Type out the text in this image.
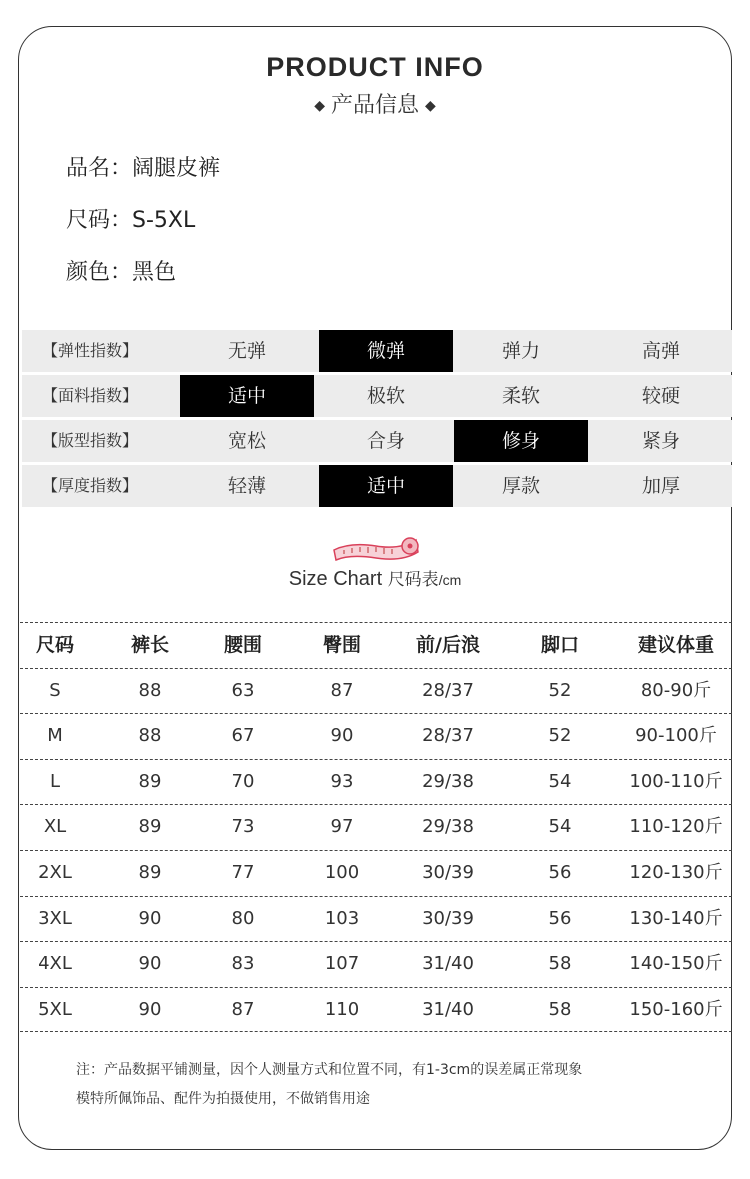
PRODUCT INFO
◆ 产品信息 ◆
品名：阔腿皮裤
尺码：S-5XL
颜色：黑色
【弹性指数】	无弹	微弹	弹力	高弹
【面料指数】	适中	极软	柔软	较硬
【版型指数】	宽松	合身	修身	紧身
【厚度指数】	轻薄	适中	厚款	加厚
Size Chart 尺码表/cm
尺码	裤长	腰围	臀围	前/后浪	脚口	建议体重
S	88	63	87	28/37	52	80-90斤
M	88	67	90	28/37	52	90-100斤
L	89	70	93	29/38	54	100-110斤
XL	89	73	97	29/38	54	110-120斤
2XL	89	77	100	30/39	56	120-130斤
3XL	90	80	103	30/39	56	130-140斤
4XL	90	83	107	31/40	58	140-150斤
5XL	90	87	110	31/40	58	150-160斤
注：产品数据平铺测量，因个人测量方式和位置不同，有1-3cm的误差属正常现象
模特所佩饰品、配件为拍摄使用，不做销售用途
